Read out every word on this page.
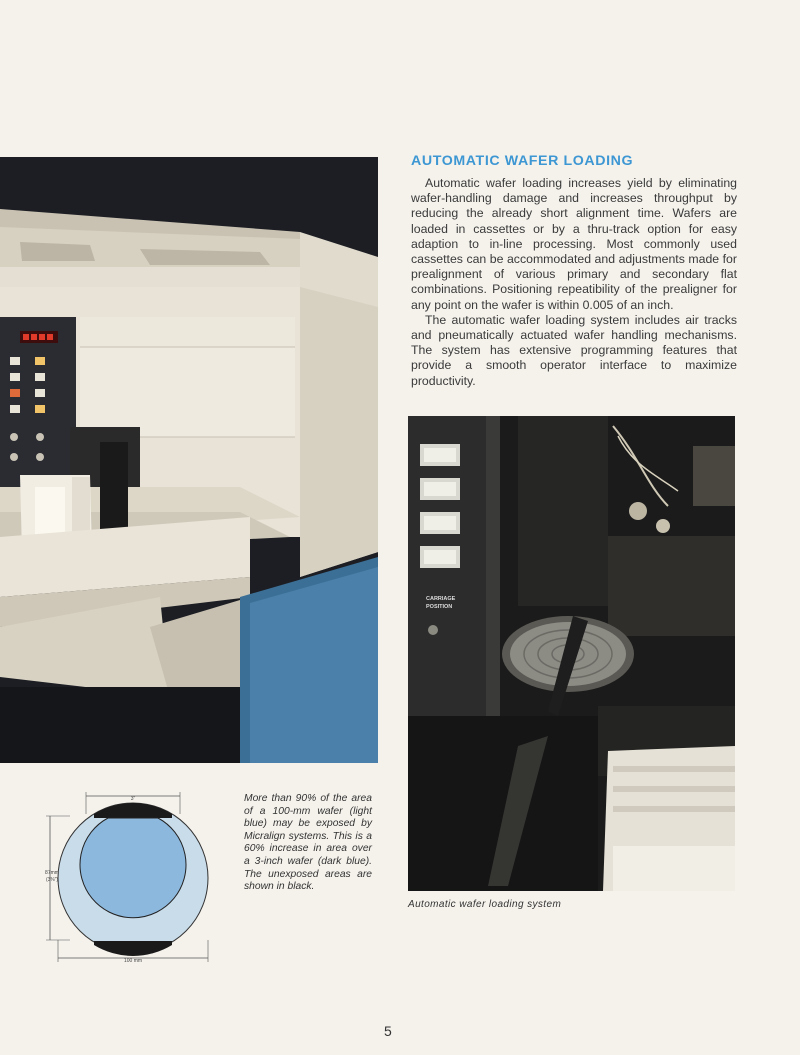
AUTOMATIC WAFER LOADING

Automatic wafer loading increases yield by eliminating wafer-handling damage and increases throughput by reducing the already short alignment time. Wafers are loaded in cassettes or by a thru-track option for easy adaption to in-line processing. Most commonly used cassettes can be accommodated and adjustments made for prealignment of various primary and secondary flat combinations. Positioning repeatibility of the prealigner for any point on the wafer is within 0.005 of an inch.

The automatic wafer loading system includes air tracks and pneumatically actuated wafer handling mechanisms. The system has extensive programming features that provide a smooth operator interface to maximize productivity.

CARRIAGE
POSITION
Automatic wafer loading system
3"
87mm
(3⅜")
100 mm
More than 90% of the area of a 100-mm wafer (light blue) may be exposed by Micralign systems. This is a 60% increase in area over a 3-inch wafer (dark blue). The unexposed areas are shown in black.
5
